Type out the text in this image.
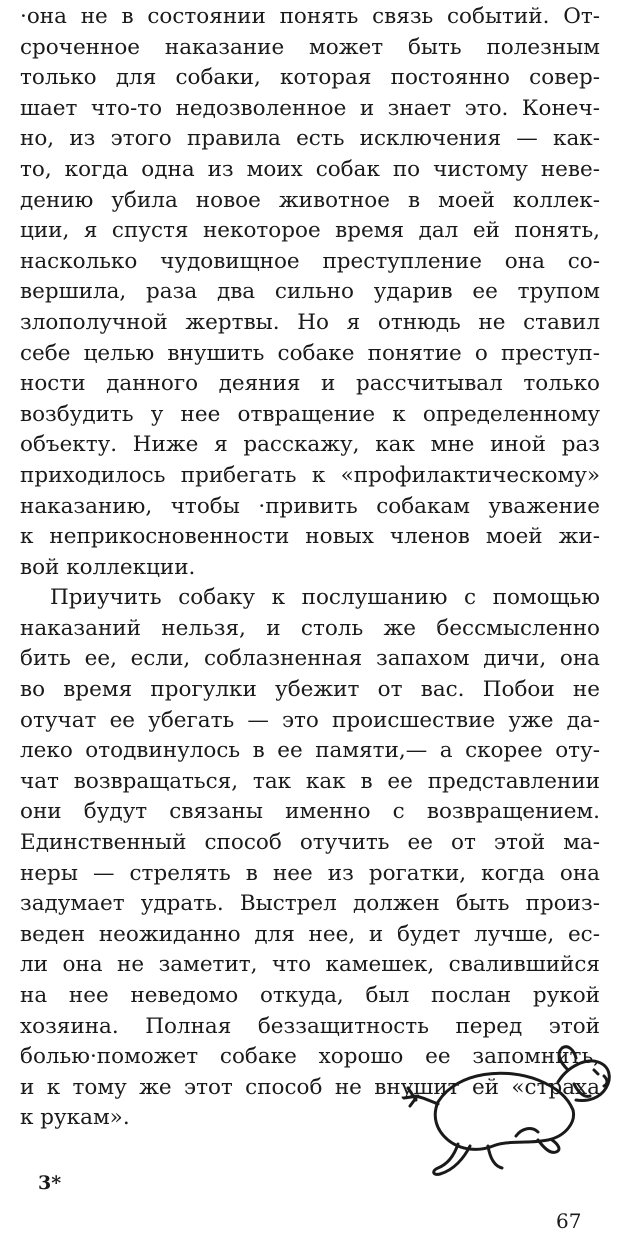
·она не в состоянии понять связь событий. От-
сроченное наказание может быть полезным
только для собаки, которая постоянно совер-
шает что-то недозволенное и знает это. Конеч-
но, из этого правила есть исключения — как-
то, когда одна из моих собак по чистому неве-
дению убила новое животное в моей коллек-
ции, я спустя некоторое время дал ей понять,
насколько чудовищное преступление она со-
вершила, раза два сильно ударив ее трупом
злополучной жертвы. Но я отнюдь не ставил
себе целью внушить собаке понятие о преступ-
ности данного деяния и рассчитывал только
возбудить у нее отвращение к определенному
объекту. Ниже я расскажу, как мне иной раз
приходилось прибегать к «профилактическому»
наказанию, чтобы ·привить собакам уважение
к неприкосновенности новых членов моей жи-
вой коллекции.
Приучить собаку к послушанию с помощью
наказаний нельзя, и столь же бессмысленно
бить ее, если, соблазненная запахом дичи, она
во время прогулки убежит от вас. Побои не
отучат ее убегать — это происшествие уже да-
леко отодвинулось в ее памяти,— а скорее оту-
чат возвращаться, так как в ее представлении
они будут связаны именно с возвращением.
Единственный способ отучить ее от этой ма-
неры — стрелять в нее из рогатки, когда она
задумает удрать. Выстрел должен быть произ-
веден неожиданно для нее, и будет лучше, ес-
ли она не заметит, что камешек, свалившийся
на нее неведомо откуда, был послан рукой
хозяина. Полная беззащитность перед этой
болью·поможет собаке хорошо ее запомнить,
и к тому же этот способ не внушит ей «страха
к рукам».
3*
67
